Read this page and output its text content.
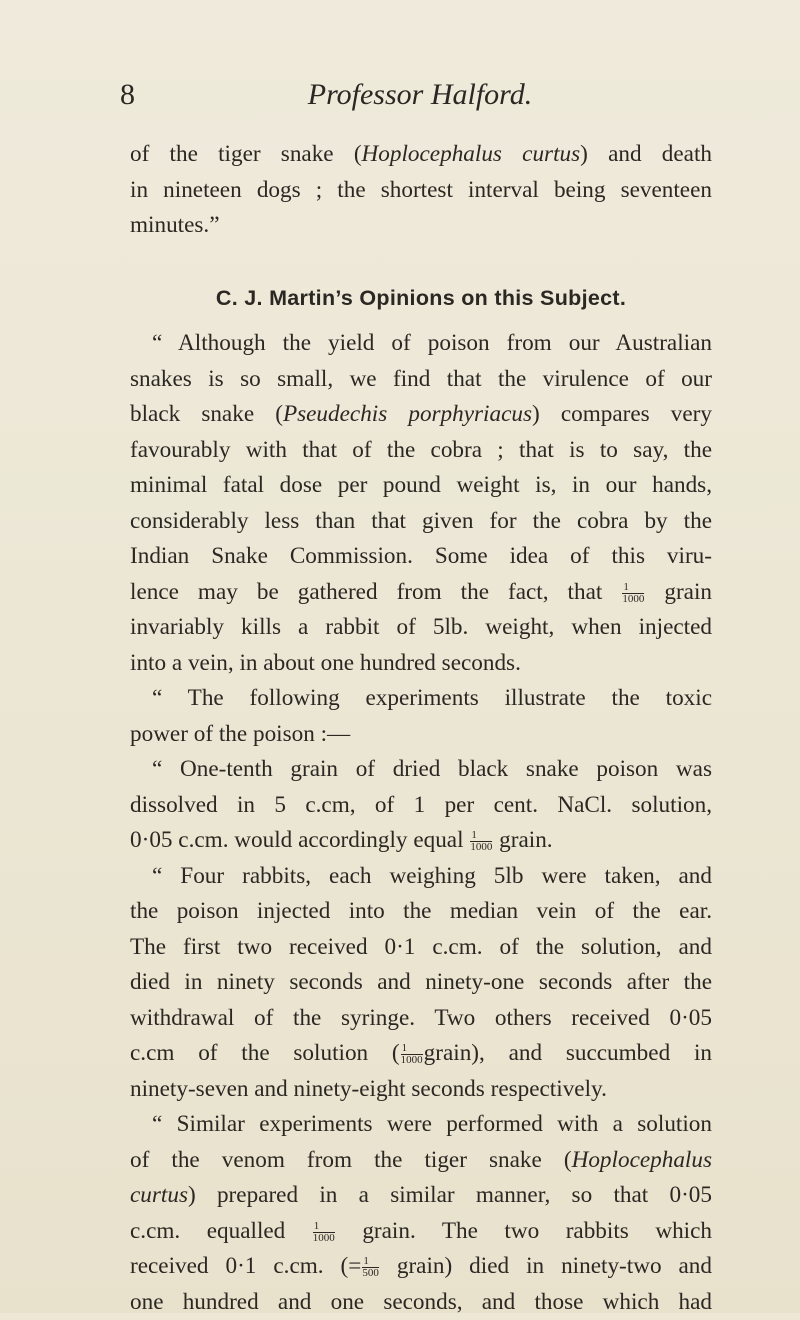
8	Professor Halford.
of the tiger snake (Hoplocephalus curtus) and death
in nineteen dogs ; the shortest interval being seventeen
minutes.”
C. J. Martin’s Opinions on this Subject.
“ Although the yield of poison from our Australian
snakes is so small, we find that the virulence of our
black snake (Pseudechis porphyriacus) compares very
favourably with that of the cobra ; that is to say, the
minimal fatal dose per pound weight is, in our hands,
considerably less than that given for the cobra by the
Indian Snake Commission. Some idea of this viru-
lence may be gathered from the fact, that $\frac{1}{1000}$ grain
invariably kills a rabbit of 5lb. weight, when injected
into a vein, in about one hundred seconds.
“ The following experiments illustrate the toxic
power of the poison :—
“ One-tenth grain of dried black snake poison was
dissolved in 5 c.cm, of 1 per cent. NaCl. solution,
0·05 c.cm. would accordingly equal $\frac{1}{1000}$ grain.
“ Four rabbits, each weighing 5lb were taken, and
the poison injected into the median vein of the ear.
The first two received 0·1 c.cm. of the solution, and
died in ninety seconds and ninety-one seconds after the
withdrawal of the syringe. Two others received 0·05
c.cm of the solution ( $\frac{1}{1000}$ grain), and succumbed in
ninety-seven and ninety-eight seconds respectively.
“ Similar experiments were performed with a solution
of the venom from the tiger snake (Hoplocephalus
curtus) prepared in a similar manner, so that 0·05
c.cm. equalled	$\frac{1}{1000}$ grain. The two rabbits which
received 0·1 c.cm. (= $\frac{1}{500}$ grain) died in ninety-two and
one hundred and one seconds, and those which had
